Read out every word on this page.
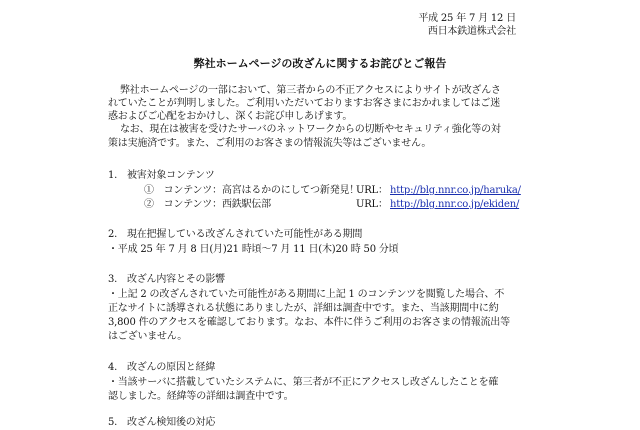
平成 25 年 7 月 12 日
西日本鉄道株式会社
弊社ホームページの改ざんに関するお詫びとご報告
弊社ホームページの一部において、第三者からの不正アクセスによりサイトが改ざんさ
れていたことが判明しました。ご利用いただいておりますお客さまにおかれましてはご迷
惑およびご心配をおかけし、深くお詫び申しあげます。
なお、現在は被害を受けたサーバのネットワークからの切断やセキュリティ強化等の対
策は実施済です。また、ご利用のお客さまの情報流失等はございません。
1.　被害対象コンテンツ
①　コンテンツ：高宮はるかのにしてつ新発見！
URL： http://blg.nnr.co.jp/haruka/
②　コンテンツ：西鉄駅伝部	URL： http://blg.nnr.co.jp/ekiden/
2.　現在把握している改ざんされていた可能性がある期間
・平成 25 年 7 月 8 日(月)21 時頃〜7 月 11 日(木)20 時 50 分頃
3.　改ざん内容とその影響
・上記 2 の改ざんされていた可能性がある期間に上記 1 のコンテンツを閲覧した場合、不
正なサイトに誘導される状態にありましたが、詳細は調査中です。また、当該期間中に約
3,800 件のアクセスを確認しております。なお、本件に伴うご利用のお客さまの情報流出等
はございません。
4.　改ざんの原因と経緯
・当該サーバに搭載していたシステムに、第三者が不正にアクセスし改ざんしたことを確
認しました。経緯等の詳細は調査中です。
5.　改ざん検知後の対応
